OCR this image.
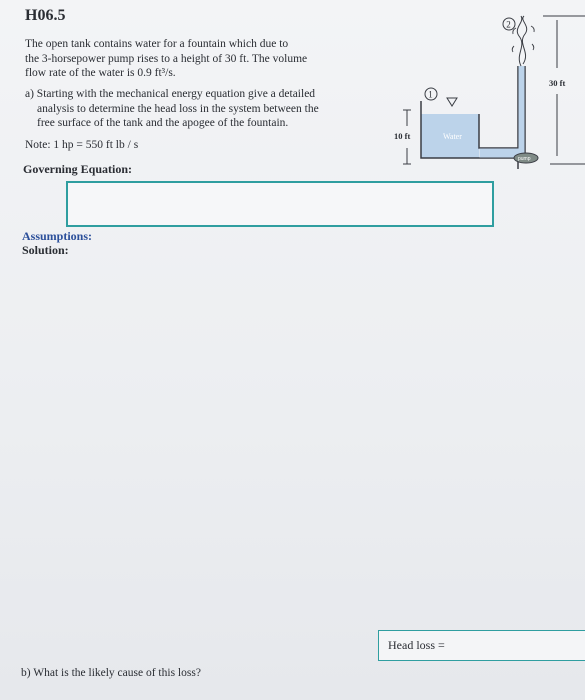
H06.5
The open tank contains water for a fountain which due to
the 3-horsepower pump rises to a height of 30 ft. The volume
flow rate of the water is 0.9 ft³/s.
a) Starting with the mechanical energy equation give a detailed
analysis to determine the head loss in the system between the
free surface of the tank and the apogee of the fountain.
Note: 1 hp = 550 ft lb / s
Governing Equation:
Assumptions:
Solution:
Head loss =
b) What is the likely cause of this loss?
Water
1
10 ft
pump
2
30 ft
